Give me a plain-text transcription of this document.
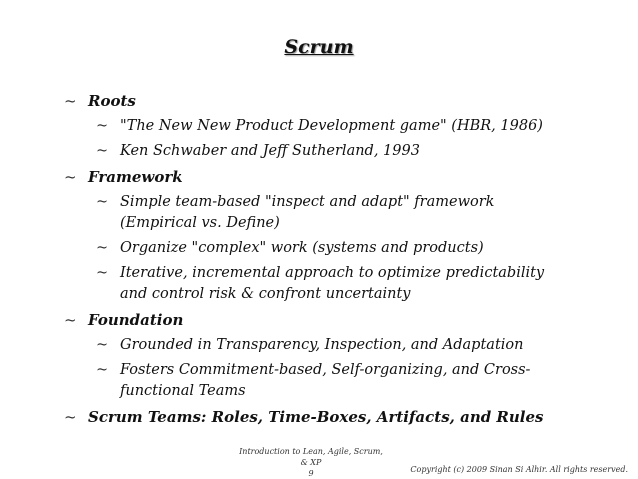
Scrum
~ Roots
~ "The New New Product Development game" (HBR, 1986)
~ Ken Schwaber and Jeff Sutherland, 1993
~ Framework
~ Simple team-based "inspect and adapt" framework
(Empirical vs. Define)
~ Organize "complex" work (systems and products)
~ Iterative, incremental approach to optimize predictability
and control risk & confront uncertainty
~ Foundation
~ Grounded in Transparency, Inspection, and Adaptation
~ Fosters Commitment-based, Self-organizing, and Cross-
functional Teams
~ Scrum Teams: Roles, Time-Boxes, Artifacts, and Rules
Introduction to Lean, Agile, Scrum, & XP
9	Copyright (c) 2009 Sinan Si Alhir. All rights reserved.
